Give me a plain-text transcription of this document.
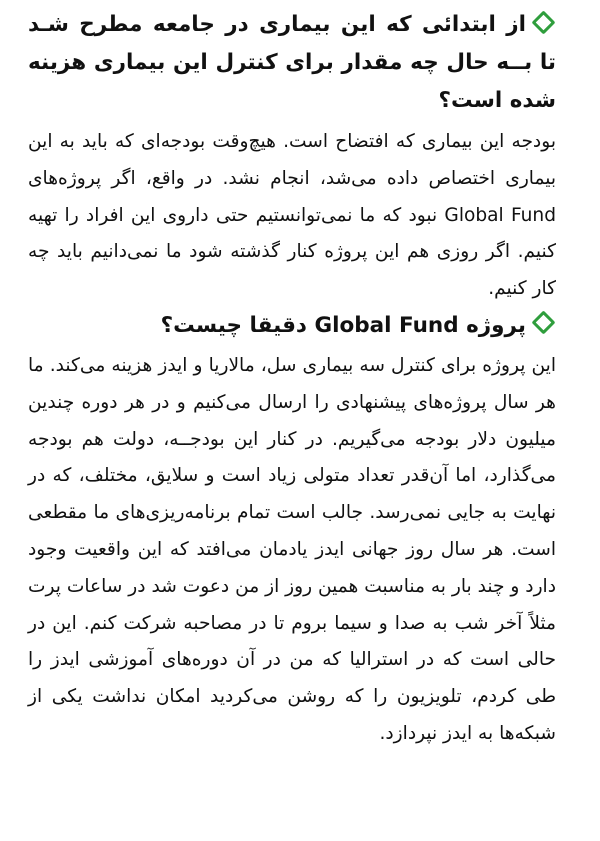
از ابتدائی که این بیماری در جامعه مطرح شـد تا بــه حال چه مقدار برای کنترل این بیماری هزینه شده است؟

بودجه این بیماری که افتضاح است. هیچ‌وقت بودجه‌ای که باید به این بیماری اختصاص داده می‌شد، انجام نشد. در واقع، اگر پروژه‌های Global Fund نبود که ما نمی‌توانستیم حتی داروی این افراد را تهیه کنیم. اگر روزی هم این پروژه کنار گذشته شود ما نمی‌دانیم باید چه کار کنیم.

پروژه Global Fund دقیقا چیست؟

این پروژه برای کنترل سه بیماری سل، مالاریا و ایدز هزینه می‌کند. ما هر سال پروژه‌های پیشنهادی را ارسال می‌کنیم و در هر دوره چندین میلیون دلار بودجه می‌گیریم. در کنار این بودجــه، دولت هم بودجه می‌گذارد، اما آن‌قدر تعداد متولی زیاد است و سلایق، مختلف، که در نهایت به جایی نمی‌رسد. جالب است تمام برنامه‌ریزی‌های ما مقطعی است. هر سال روز جهانی ایدز یادمان می‌افتد که این واقعیت وجود دارد و چند بار به مناسبت همین روز از من دعوت شد در ساعات پرت مثلاً آخر شب به صدا و سیما بروم تا در مصاحبه شرکت کنم. این در حالی است که در استرالیا که من در آن دوره‌های آموزشی ایدز را طی کردم، تلویزیون را که روشن می‌کردید امکان نداشت یکی از شبکه‌ها به ایدز نپردازد.
